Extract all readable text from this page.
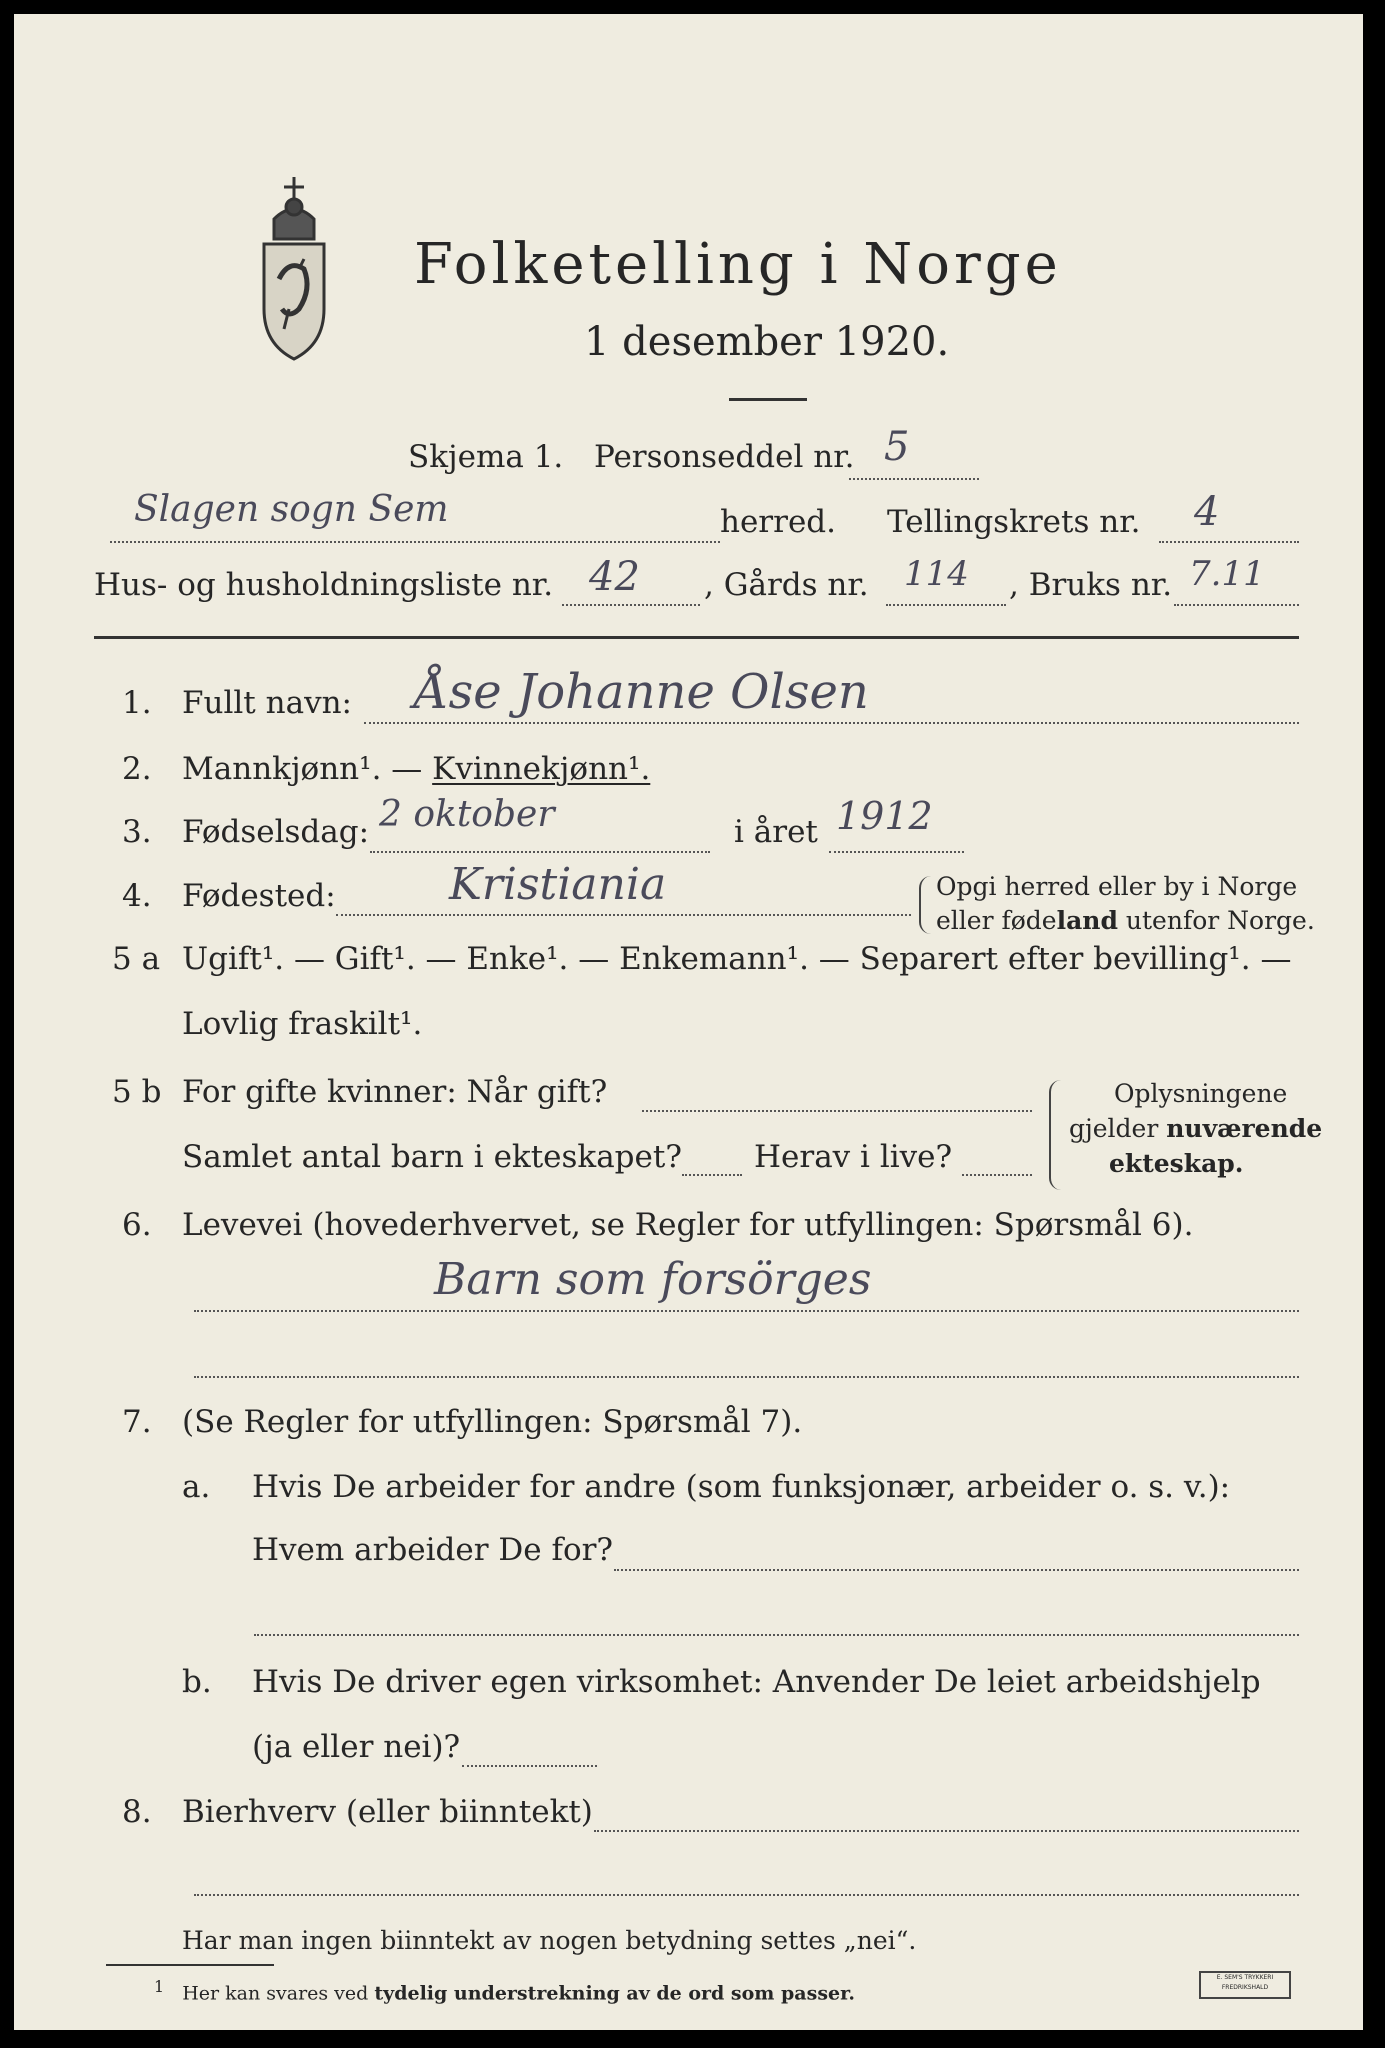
Folketelling i Norge
1 desember 1920.
Skjema 1. Personseddel nr. 5
Slagen sogn Sem	herred. Tellingskrets nr. 4
Hus- og husholdningsliste nr. 42 , Gårds nr. 114 , Bruks nr. 7.11
1. Fullt navn: Åse Johanne Olsen
2. Mannkjønn¹. — Kvinnekjønn¹.
3. Fødselsdag: 2 oktober	i året 1912
4. Fødested:	Kristiania	Opgi herred eller by i Norge
eller fødeland utenfor Norge.
5 a Ugift¹. — Gift¹. — Enke¹. — Enkemann¹. — Separert efter bevilling¹. —
Lovlig fraskilt¹.
5 b For gifte kvinner: Når gift?
Samlet antal barn i ekteskapet? Herav i live?
Oplysningene
gjelder nuværende
ekteskap.
6. Levevei (hovederhvervet, se Regler for utfyllingen: Spørsmål 6).
Barn som forsörges
7. (Se Regler for utfyllingen: Spørsmål 7).
a. Hvis De arbeider for andre (som funksjonær, arbeider o. s. v.):
Hvem arbeider De for?
b. Hvis De driver egen virksomhet: Anvender De leiet arbeidshjelp
(ja eller nei)?
8. Bierhverv (eller biinntekt)
Har man ingen biinntekt av nogen betydning settes „nei“.
$^1$ Her kan svares ved tydelig understrekning av de ord som passer.
E. SEM'S TRYKKERI
FREDRIKSHALD
